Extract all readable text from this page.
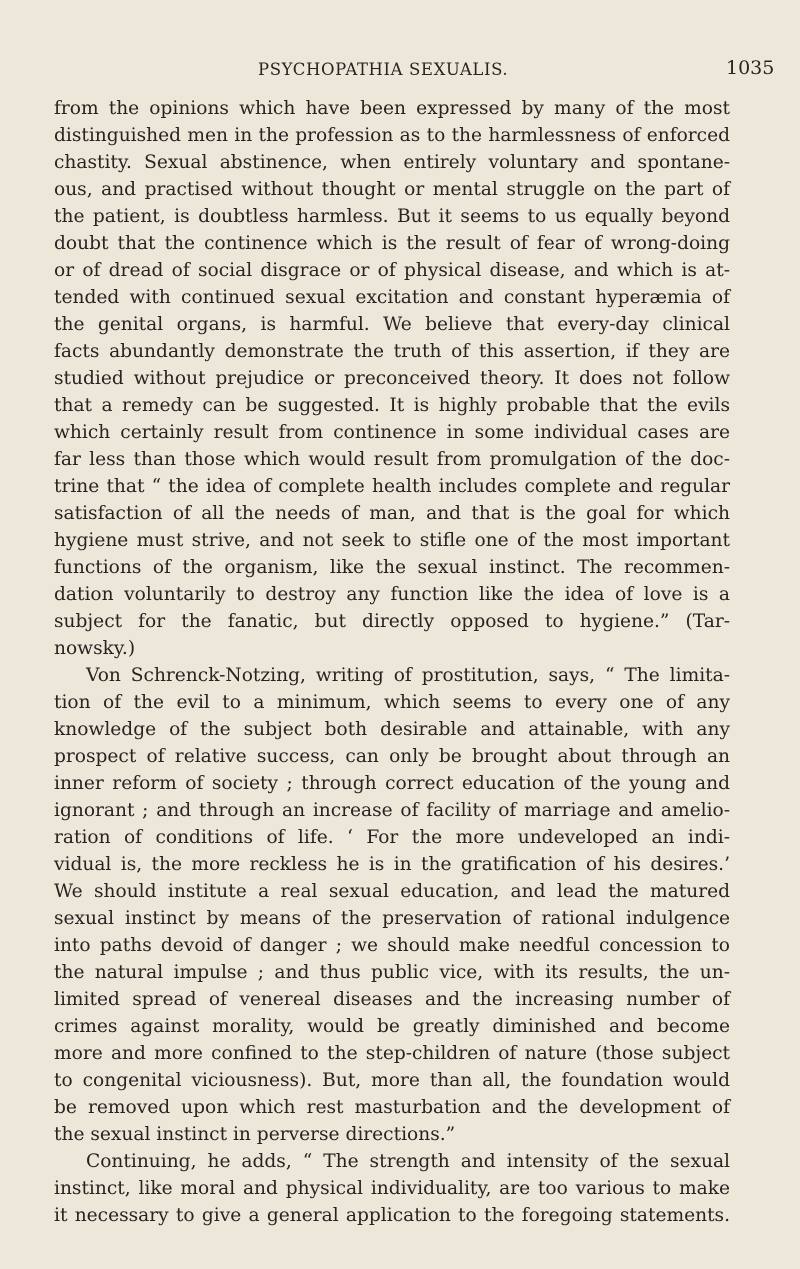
PSYCHOPATHIA SEXUALIS.	1035
from the opinions which have been expressed by many of the most
distinguished men in the profession as to the harmlessness of enforced
chastity. Sexual abstinence, when entirely voluntary and spontane-
ous, and practised without thought or mental struggle on the part of
the patient, is doubtless harmless. But it seems to us equally beyond
doubt that the continence which is the result of fear of wrong-doing
or of dread of social disgrace or of physical disease, and which is at-
tended with continued sexual excitation and constant hyperæmia of
the genital organs, is harmful. We believe that every-day clinical
facts abundantly demonstrate the truth of this assertion, if they are
studied without prejudice or preconceived theory. It does not follow
that a remedy can be suggested. It is highly probable that the evils
which certainly result from continence in some individual cases are
far less than those which would result from promulgation of the doc-
trine that “ the idea of complete health includes complete and regular
satisfaction of all the needs of man, and that is the goal for which
hygiene must strive, and not seek to stifle one of the most important
functions of the organism, like the sexual instinct. The recommen-
dation voluntarily to destroy any function like the idea of love is a
subject for the fanatic, but directly opposed to hygiene.” (Tar-
nowsky.)
Von Schrenck-Notzing, writing of prostitution, says, “ The limita-
tion of the evil to a minimum, which seems to every one of any
knowledge of the subject both desirable and attainable, with any
prospect of relative success, can only be brought about through an
inner reform of society ; through correct education of the young and
ignorant ; and through an increase of facility of marriage and amelio-
ration of conditions of life. ‘ For the more undeveloped an indi-
vidual is, the more reckless he is in the gratification of his desires.’
We should institute a real sexual education, and lead the matured
sexual instinct by means of the preservation of rational indulgence
into paths devoid of danger ; we should make needful concession to
the natural impulse ; and thus public vice, with its results, the un-
limited spread of venereal diseases and the increasing number of
crimes against morality, would be greatly diminished and become
more and more confined to the step-children of nature (those subject
to congenital viciousness). But, more than all, the foundation would
be removed upon which rest masturbation and the development of
the sexual instinct in perverse directions.”
Continuing, he adds, “ The strength and intensity of the sexual
instinct, like moral and physical individuality, are too various to make
it necessary to give a general application to the foregoing statements.
